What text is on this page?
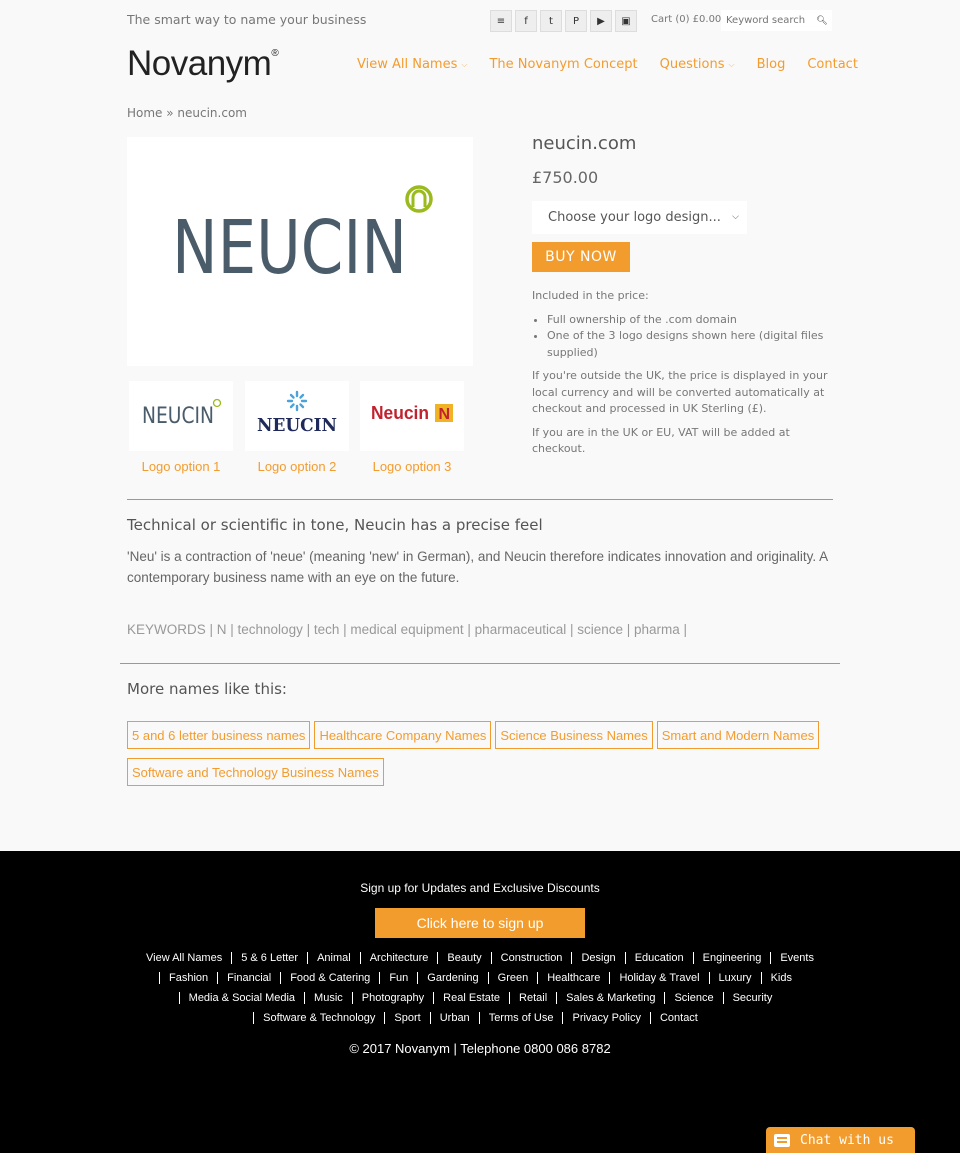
The smart way to name your business	≡	f	t	P	▶	▣	Cart (0) £0.00
Keyword search	🔍︎
Novanym®
View All Names ⌵ The Novanym Concept Questions ⌵ Blog Contact
Home » neucin.com
NEUCIN
NEUCIN NEUCIN
Neucin N
Logo option 1	Logo option 2	Logo option 3
neucin.com
£750.00
Choose your logo design... ⌵
BUY NOW

Included in the price:

• Full ownership of the .com domain
• One of the 3 logo designs shown here (digital files supplied)

If you're outside the UK, the price is displayed in your local currency and will be converted automatically at checkout and processed in UK Sterling (£).

If you are in the UK or EU, VAT will be added at checkout.

Technical or scientific in tone, Neucin has a precise feel
'Neu' is a contraction of 'neue' (meaning 'new' in German), and Neucin therefore indicates innovation and originality. A contemporary business name with an eye on the future.
KEYWORDS | N | technology | tech | medical equipment | pharmaceutical | science | pharma |
More names like this:
5 and 6 letter business names	Healthcare Company Names	Science Business Names	Smart and Modern Names
Software and Technology Business Names
Sign up for Updates and Exclusive Discounts
Click here to sign up
View All Names	5 & 6 Letter	Animal	Architecture	Beauty	Construction	Design	Education	Engineering	Events
Fashion	Financial	Food & Catering	Fun	Gardening	Green	Healthcare	Holiday & Travel	Luxury	Kids
Media & Social Media	Music	Photography	Real Estate	Retail	Sales & Marketing	Science	Security
Software & Technology	Sport	Urban	Terms of Use	Privacy Policy	Contact
© 2017 Novanym | Telephone 0800 086 8782
Chat with us
